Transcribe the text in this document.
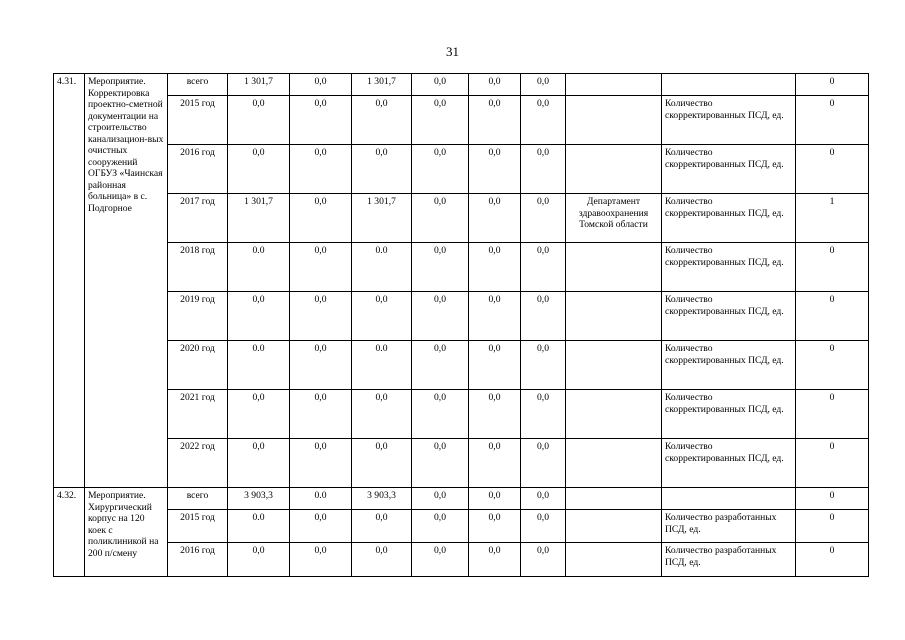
31
4.31.	Мероприятие. Корректировка проектно-сметной документации на строительство канализацион-вых очистных сооружений ОГБУЗ «Чаинская районная больница» в с. Подгорное	всего	1 301,7	0,0	1 301,7	0,0	0,0	0,0			0
		2015 год	0,0	0,0	0,0	0,0	0,0	0,0		Количество скорректированных ПСД, ед.	0
		2016 год	0,0	0,0	0,0	0,0	0,0	0,0		Количество скорректированных ПСД, ед.	0
		2017 год	1 301,7	0,0	1 301,7	0,0	0,0	0,0	Департамент здравоохранения Томской области	Количество скорректированных ПСД, ед.	1
		2018 год	0.0	0,0	0.0	0,0	0,0	0,0		Количество скорректированных ПСД, ед.	0
		2019 год	0,0	0,0	0,0	0,0	0,0	0,0		Количество скорректированных ПСД, ед.	0
		2020 год	0.0	0,0	0.0	0,0	0,0	0,0		Количество скорректированных ПСД, ед.	0
		2021 год	0,0	0,0	0,0	0,0	0,0	0,0		Количество скорректированных ПСД, ед.	0
		2022 год	0,0	0,0	0,0	0,0	0,0	0,0		Количество скорректированных ПСД, ед.	0
4.32.	Мероприятие. Хирургический корпус на 120 коек с поликлиникой на 200 п/смену	всего	3 903,3	0.0	3 903,3	0,0	0,0	0,0			0
		2015 год	0.0	0,0	0,0	0,0	0,0	0,0		Количество разработанных ПСД, ед.	0
		2016 год	0,0	0,0	0,0	0,0	0,0	0,0		Количество разработанных ПСД, ед.	0
